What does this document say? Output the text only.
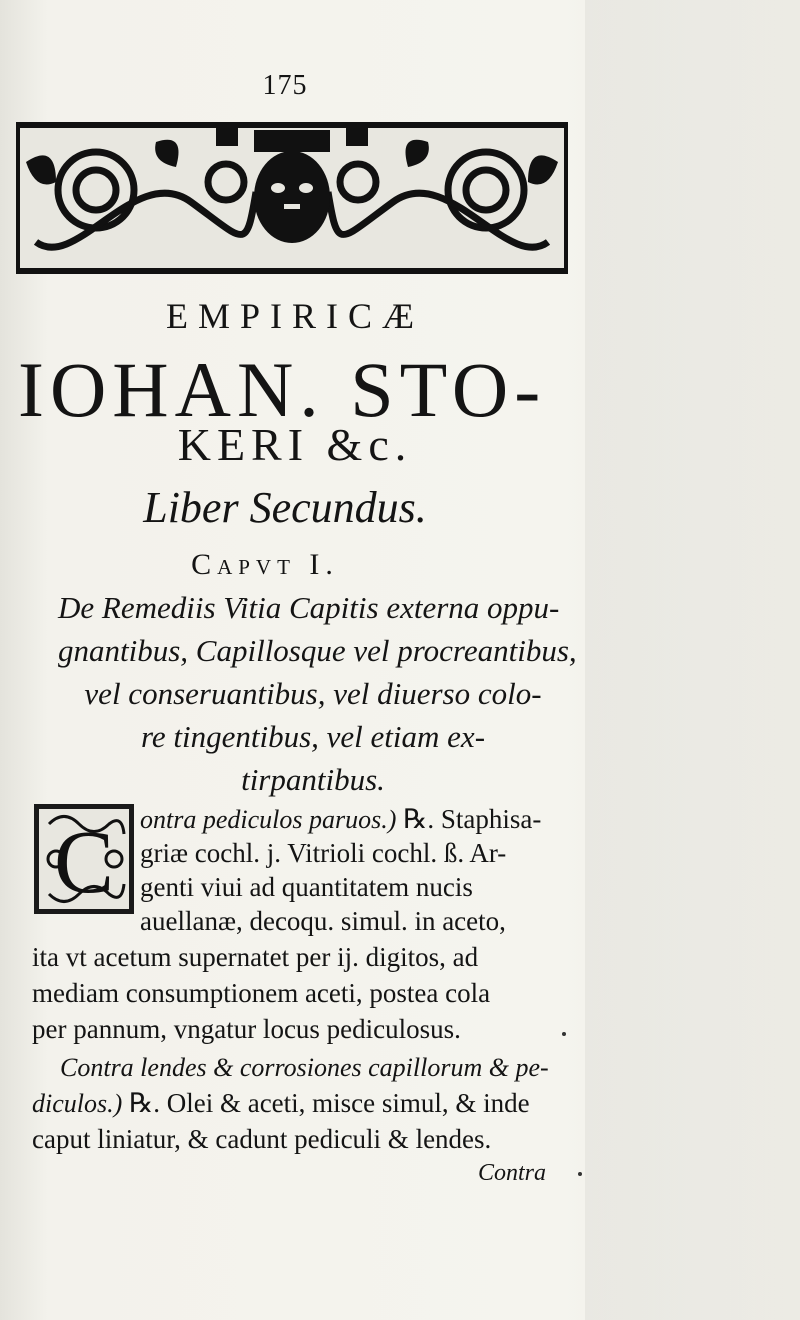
175
EMPIRICÆ
IOHAN. STO-
KERI &c.
Liber Secundus.
Capvt I.
De Remediis Vitia Capitis externa oppu-
gnantibus, Capillosque vel procreantibus,
vel conseruantibus, vel diuerso colo-
re tingentibus, vel etiam ex-
tirpantibus.
C ontra pediculos paruos.) ℞. Staphisa-
griæ cochl. j. Vitrioli cochl. ß. Ar-
genti viui ad quantitatem nucis
auellanæ, decoqu. simul. in aceto,
ita vt acetum supernatet per ij. digitos, ad
mediam consumptionem aceti, postea cola
per pannum, vngatur locus pediculosus.
Contra lendes & corrosiones capillorum & pe-
diculos.) ℞. Olei & aceti, misce simul, & inde
caput liniatur, & cadunt pediculi & lendes.
Contra
